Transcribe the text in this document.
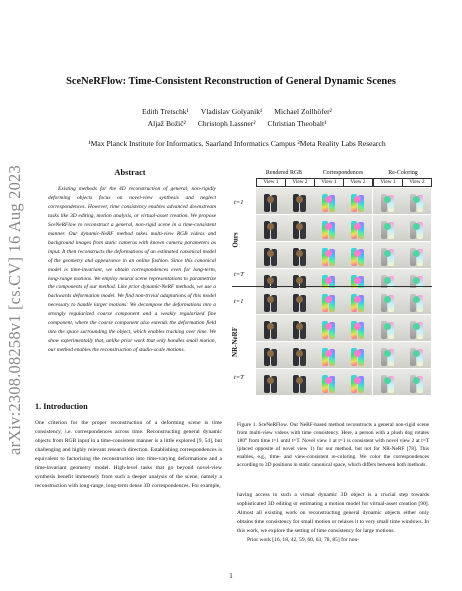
arXiv:2308.08258v1 [cs.CV] 16 Aug 2023
SceNeRFlow: Time-Consistent Reconstruction of General Dynamic Scenes
Edith Tretschk¹ Vladislav Golyanik¹ Michael Zollhöfer²
Aljaž Božič² Christoph Lassner² Christian Theobalt¹
¹Max Planck Institute for Informatics, Saarland Informatics Campus ²Meta Reality Labs Research
Abstract
Existing methods for the 4D reconstruction of general, non-rigidly deforming objects focus on novel-view synthesis and neglect correspondences. However, time consistency enables advanced downstream tasks like 3D editing, motion analysis, or virtual-asset creation. We propose SceNeRFlow to reconstruct a general, non-rigid scene in a time-consistent manner. Our dynamic-NeRF method takes multi-view RGB videos and background images from static cameras with known camera parameters as input. It then reconstructs the deformations of an estimated canonical model of the geometry and appearance in an online fashion. Since this canonical model is time-invariant, we obtain correspondences even for long-term, long-range motions. We employ neural scene representations to parametrize the components of our method. Like prior dynamic-NeRF methods, we use a backwards deformation model. We find non-trivial adaptations of this model necessary to handle larger motions: We decompose the deformations into a strongly regularized coarse component and a weakly regularized fine component, where the coarse component also extends the deformation field into the space surrounding the object, which enables tracking over time. We show experimentally that, unlike prior work that only handles small motion, our method enables the reconstruction of studio-scale motions.
1. Introduction
One criterion for the proper reconstruction of a deforming scene is time consistency, i.e. correspondences across time. Reconstructing general dynamic objects from RGB input in a time-consistent manner is a little explored [9, 54], but challenging and highly relevant research direction. Establishing correspondences is equivalent to factorizing the reconstruction into time-varying deformations and a time-invariant geometry model. High-level tasks that go beyond novel-view synthesis benefit immensely from such a deeper analysis of the scene, namely a reconstruction with long-range, long-term dense 3D correspondences. For example,
Rendered RGB	Correspondences	Re-Coloring
View 1	View 2	View 1	View 2	View 1	View 2
t=1
t=T
t=1
t=T
Ours
NR-NeRF
Figure 1. SceNeRFlow. Our NeRF-based method reconstructs a general non-rigid scene from multi-view videos with time consistency. Here, a person with a plush dog rotates 180° from time t=1 until t=T. Novel view 1 at t=1 is consistent with novel view 2 at t=T (placed opposite of novel view 1) for our method, but not for NR-NeRF [78]. This enables, e.g., time- and view-consistent re-coloring. We color the correspondences according to 3D positions in static canonical space, which differs between both methods.
having access to such a virtual dynamic 3D object is a crucial step towards sophisticated 3D editing or estimating a motion model for virtual-asset creation [90]. Almost all existing work on reconstructing general dynamic objects either only obtains time consistency for small motion or relaxes it to very small time windows. In this work, we explore the setting of time consistency for large motions.
Prior work [16, 18, 42, 59, 60, 63, 78, 85] for non-
1
